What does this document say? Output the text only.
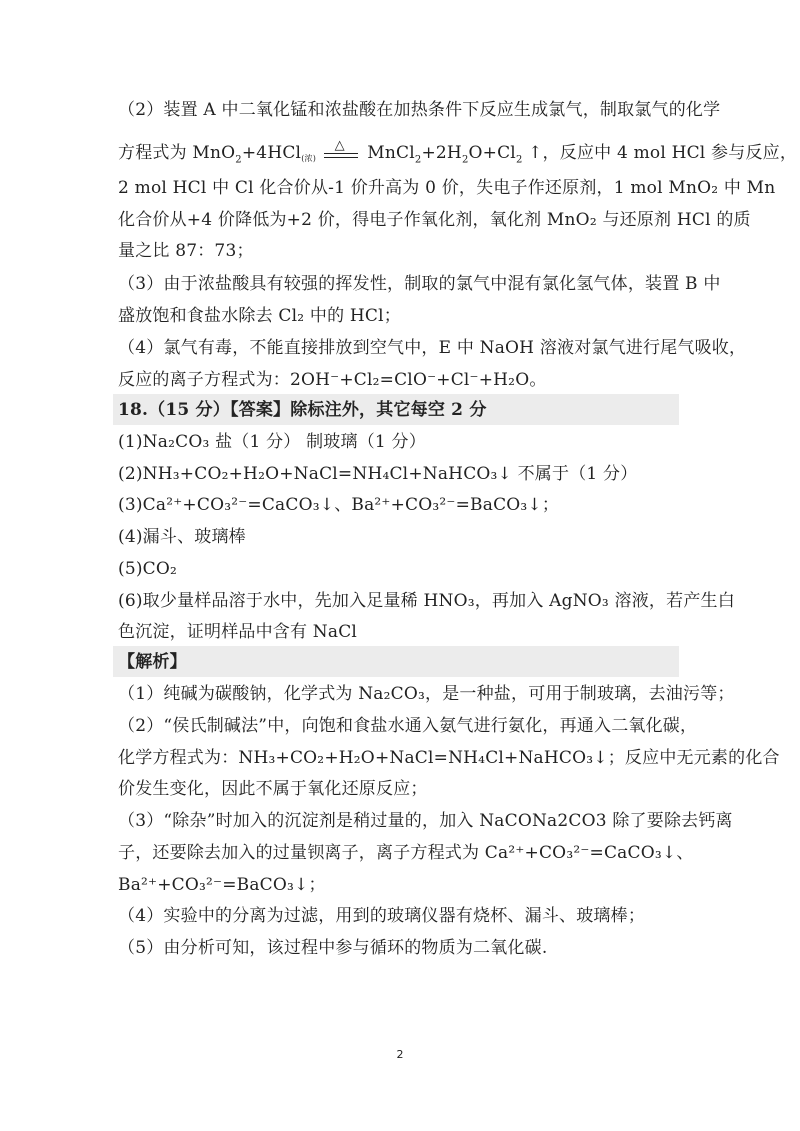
（2）装置 A 中二氧化锰和浓盐酸在加热条件下反应生成氯气，制取氯气的化学
方程式为 MnO$_2$+4HCl(浓)
△ $MnCl_2+2H_2O+Cl_2$ ↑，反应中 4 mol HCl 参与反应，
2 mol HCl 中 Cl 化合价从-1 价升高为 0 价，失电子作还原剂，1 mol MnO₂ 中 Mn
化合价从+4 价降低为+2 价，得电子作氧化剂，氧化剂 MnO₂ 与还原剂 HCl 的质
量之比 87：73；
（3）由于浓盐酸具有较强的挥发性，制取的氯气中混有氯化氢气体，装置 B 中
盛放饱和食盐水除去 Cl₂ 中的 HCl；
（4）氯气有毒，不能直接排放到空气中，E 中 NaOH 溶液对氯气进行尾气吸收，
反应的离子方程式为：2OH⁻+Cl₂=ClO⁻+Cl⁻+H₂O。
18.（15 分）【答案】除标注外，其它每空 2 分
(1)Na₂CO₃ 盐（1 分） 制玻璃（1 分）
(2)NH₃+CO₂+H₂O+NaCl=NH₄Cl+NaHCO₃↓ 不属于（1 分）
(3)Ca²⁺+CO₃²⁻=CaCO₃↓、Ba²⁺+CO₃²⁻=BaCO₃↓；
(4)漏斗、玻璃棒
(5)CO₂
(6)取少量样品溶于水中，先加入足量稀 HNO₃，再加入 AgNO₃ 溶液，若产生白
色沉淀，证明样品中含有 NaCl
【解析】
（1）纯碱为碳酸钠，化学式为 Na₂CO₃，是一种盐，可用于制玻璃，去油污等；
（2）“侯氏制碱法”中，向饱和食盐水通入氨气进行氨化，再通入二氧化碳，
化学方程式为：NH₃+CO₂+H₂O+NaCl=NH₄Cl+NaHCO₃↓；反应中无元素的化合
价发生变化，因此不属于氧化还原反应；
（3）“除杂”时加入的沉淀剂是稍过量的，加入 NaCONa2CO3 除了要除去钙离
子，还要除去加入的过量钡离子，离子方程式为 Ca²⁺+CO₃²⁻=CaCO₃↓、
Ba²⁺+CO₃²⁻=BaCO₃↓；
（4）实验中的分离为过滤，用到的玻璃仪器有烧杯、漏斗、玻璃棒；
（5）由分析可知，该过程中参与循环的物质为二氧化碳.
2
